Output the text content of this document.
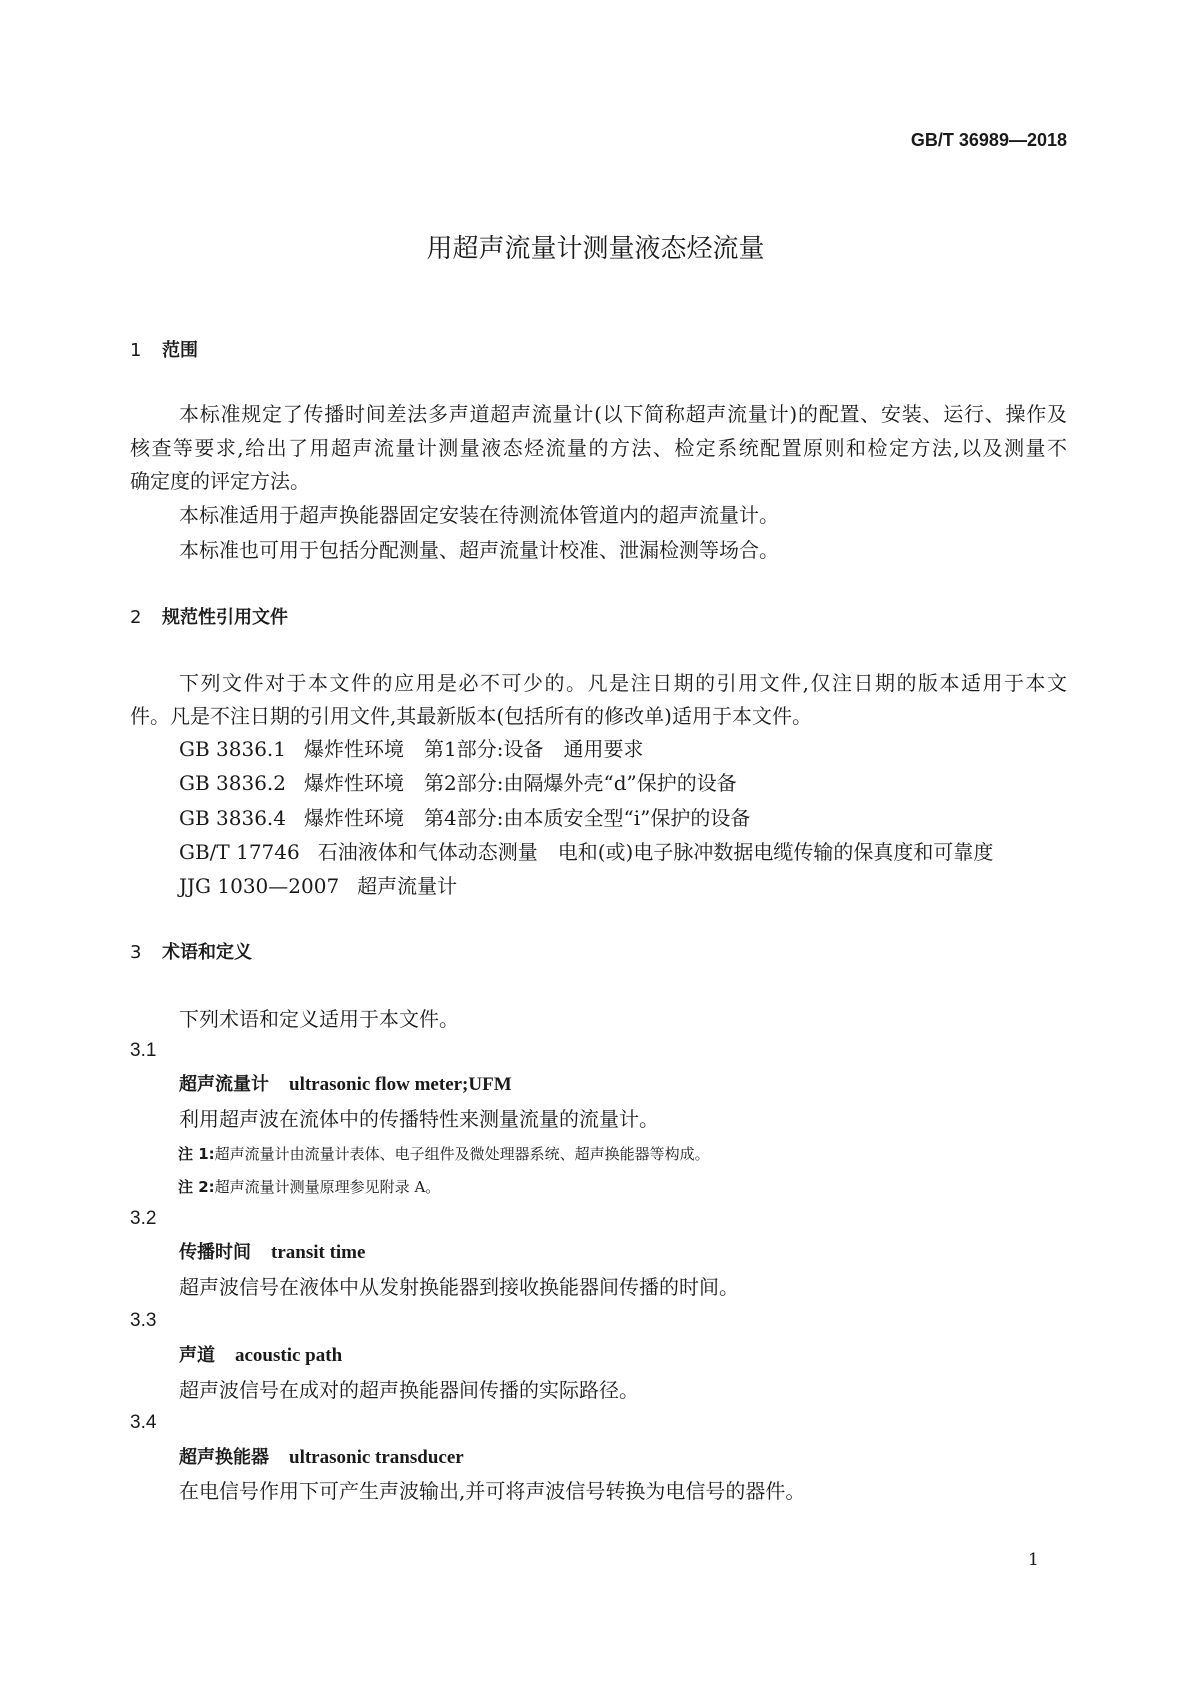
GB/T 36989—2018
用超声流量计测量液态烃流量
1 范围
本标准规定了传播时间差法多声道超声流量计(以下简称超声流量计)的配置、安装、运行、操作及
核查等要求,给出了用超声流量计测量液态烃流量的方法、检定系统配置原则和检定方法,以及测量不
确定度的评定方法。
本标准适用于超声换能器固定安装在待测流体管道内的超声流量计。
本标准也可用于包括分配测量、超声流量计校准、泄漏检测等场合。
2 规范性引用文件
下列文件对于本文件的应用是必不可少的。凡是注日期的引用文件,仅注日期的版本适用于本文
件。凡是不注日期的引用文件,其最新版本(包括所有的修改单)适用于本文件。
GB 3836.1 爆炸性环境　第1部分:设备　通用要求
GB 3836.2 爆炸性环境　第2部分:由隔爆外壳“d”保护的设备
GB 3836.4 爆炸性环境　第4部分:由本质安全型“i”保护的设备
GB/T 17746 石油液体和气体动态测量　电和(或)电子脉冲数据电缆传输的保真度和可靠度
JJG 1030—2007 超声流量计
3 术语和定义
下列术语和定义适用于本文件。
3.1
超声流量计 ultrasonic flow meter;UFM
利用超声波在流体中的传播特性来测量流量的流量计。
注 1:超声流量计由流量计表体、电子组件及微处理器系统、超声换能器等构成。
注 2:超声流量计测量原理参见附录 A。
3.2
传播时间 transit time
超声波信号在液体中从发射换能器到接收换能器间传播的时间。
3.3
声道 acoustic path
超声波信号在成对的超声换能器间传播的实际路径。
3.4
超声换能器 ultrasonic transducer
在电信号作用下可产生声波输出,并可将声波信号转换为电信号的器件。
1
